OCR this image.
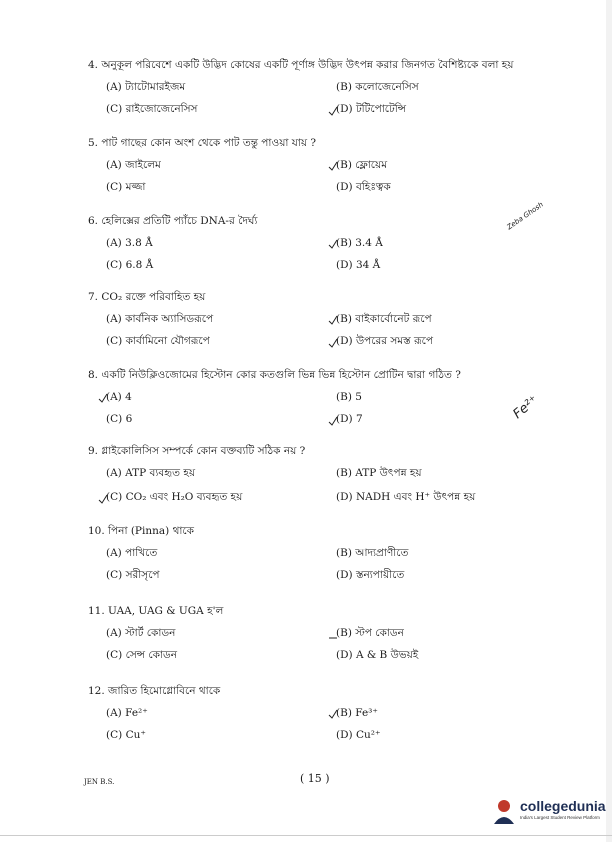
4. অনুকূল পরিবেশে একটি উদ্ভিদ কোষের একটি পূর্ণাঙ্গ উদ্ভিদ উৎপন্ন করার জিনগত বৈশিষ্ট্যকে বলা হয়
(A) ট্যাটোমারইজম	(B) কলোজেনেসিস
(C) রাইজোজেনেসিস	(D) টটিপোটেন্সি
5. পাট গাছের কোন অংশ থেকে পাট তন্তু পাওয়া যায় ?
(A) জাইলেম	(B) ফ্লোয়েম
(C) মজ্জা	(D) বহিঃত্বক
6. হেলিক্সের প্রতিটি প্যাঁচে DNA-র দৈর্ঘ্য
(A) 3.8 Å	(B) 3.4 Å
(C) 6.8 Å	(D) 34 Å
7. CO₂ রক্তে পরিবাহিত হয়
(A) কার্বনিক অ্যাসিডরূপে	(B) বাইকার্বোনেট রূপে
(C) কার্বামিনো যৌগরূপে	(D) উপরের সমস্ত রূপে
8. একটি নিউক্লিওজোমের হিস্টোন কোর কতগুলি ভিন্ন ভিন্ন হিস্টোন প্রোটিন দ্বারা গঠিত ?
(A) 4	(B) 5
(C) 6	(D) 7
9. গ্লাইকোলিসিস সম্পর্কে কোন বক্তব্যটি সঠিক নয় ?
(A) ATP ব্যবহৃত হয়	(B) ATP উৎপন্ন হয়
(C) CO₂ এবং H₂O ব্যবহৃত হয়	(D) NADH এবং H⁺ উৎপন্ন হয়
10. পিনা (Pinna) থাকে
(A) পাখিতে	(B) আদ্যপ্রাণীতে
(C) সরীসৃপে	(D) স্তন্যপায়ীতে
11. UAA, UAG & UGA হ'ল
(A) স্টার্ট কোডন	(B) স্টপ কোডন
(C) সেন্স কোডন	(D) A & B উভয়ই
12. জারিত হিমোগ্লোবিনে থাকে
(A) Fe²⁺	(B) Fe³⁺
(C) Cu⁺	(D) Cu²⁺
Zeba Ghosh
Fe²⁺
JEN B.S.	( 15 )
collegedunia
India's Largest Student Review Platform
